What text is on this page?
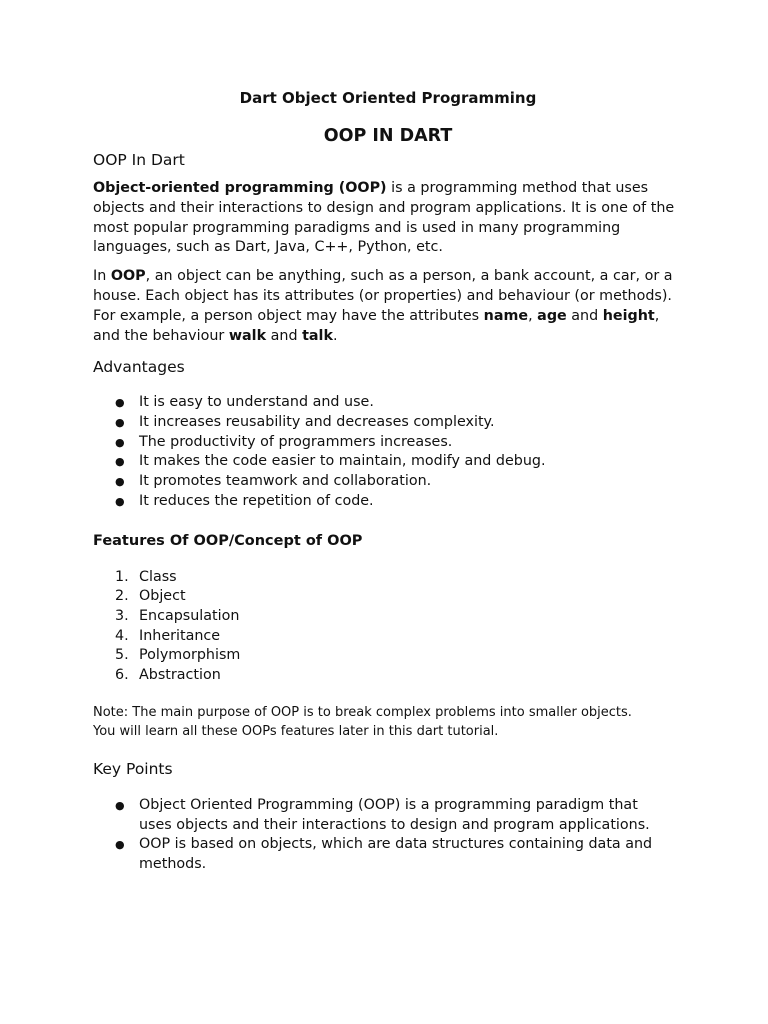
Dart Object Oriented Programming
OOP IN DART
OOP In Dart

Object-oriented programming (OOP) is a programming method that uses objects and their interactions to design and program applications. It is one of the most popular programming paradigms and is used in many programming languages, such as Dart, Java, C++, Python, etc.

In OOP, an object can be anything, such as a person, a bank account, a car, or a house. Each object has its attributes (or properties) and behaviour (or methods). For example, a person object may have the attributes name, age and height, and the behaviour walk and talk.

Advantages
● It is easy to understand and use.
● It increases reusability and decreases complexity.
● The productivity of programmers increases.
● It makes the code easier to maintain, modify and debug.
● It promotes teamwork and collaboration.
● It reduces the repetition of code.
Features Of OOP/Concept of OOP
1. Class
2. Object
3. Encapsulation
4. Inheritance
5. Polymorphism
6. Abstraction
Note: The main purpose of OOP is to break complex problems into smaller objects.
You will learn all these OOPs features later in this dart tutorial.
Key Points
● Object Oriented Programming (OOP) is a programming paradigm that uses objects and their interactions to design and program applications.
● OOP is based on objects, which are data structures containing data and methods.
